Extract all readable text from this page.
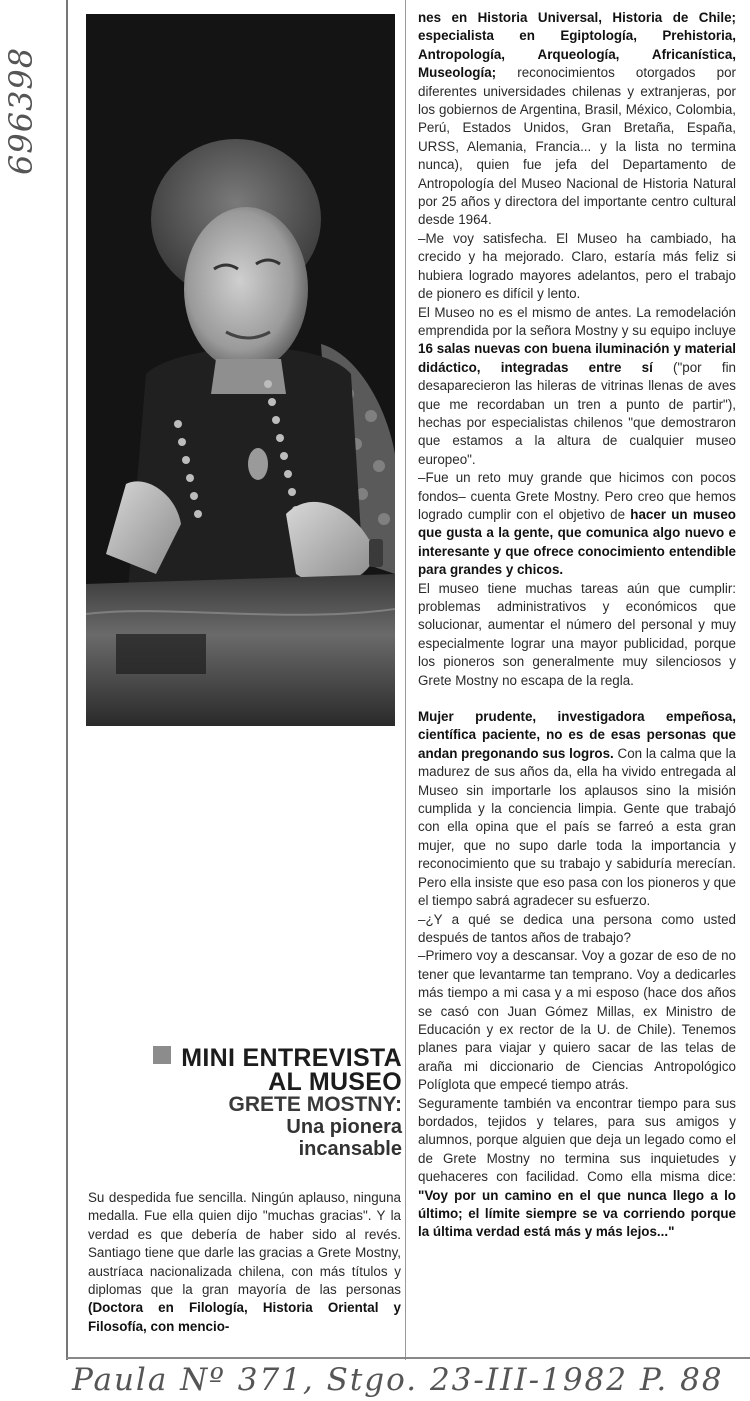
696398
MINI ENTREVISTA
AL MUSEO
GRETE MOSTNY:
Una pionera
incansable

Su despedida fue sencilla. Ningún aplauso, ninguna medalla. Fue ella quien dijo "muchas gracias". Y la verdad es que debería de haber sido al revés. Santiago tiene que darle las gracias a Grete Mostny, austríaca nacionalizada chilena, con más títulos y diplomas que la gran mayoría de las personas (Doctora en Filología, Historia Oriental y Filosofía, con mencio-

nes en Historia Universal, Historia de Chile; especialista en Egiptología, Prehistoria, Antropología, Arqueología, Africanística, Museología; reconocimientos otorgados por diferentes universidades chilenas y extranjeras, por los gobiernos de Argentina, Brasil, México, Colombia, Perú, Estados Unidos, Gran Bretaña, España, URSS, Alemania, Francia... y la lista no termina nunca), quien fue jefa del Departamento de Antropología del Museo Nacional de Historia Natural por 25 años y directora del importante centro cultural desde 1964.

–Me voy satisfecha. El Museo ha cambiado, ha crecido y ha mejorado. Claro, estaría más feliz si hubiera logrado mayores adelantos, pero el trabajo de pionero es difícil y lento.

El Museo no es el mismo de antes. La remodelación emprendida por la señora Mostny y su equipo incluye 16 salas nuevas con buena iluminación y material didáctico, integradas entre sí ("por fin desaparecieron las hileras de vitrinas llenas de aves que me recordaban un tren a punto de partir"), hechas por especialistas chilenos "que demostraron que estamos a la altura de cualquier museo europeo".

–Fue un reto muy grande que hicimos con pocos fondos– cuenta Grete Mostny. Pero creo que hemos logrado cumplir con el objetivo de hacer un museo que gusta a la gente, que comunica algo nuevo e interesante y que ofrece conocimiento entendible para grandes y chicos.

El museo tiene muchas tareas aún que cumplir: problemas administrativos y económicos que solucionar, aumentar el número del personal y muy especialmente lograr una mayor publicidad, porque los pioneros son generalmente muy silenciosos y Grete Mostny no escapa de la regla.

Mujer prudente, investigadora empeñosa, científica paciente, no es de esas personas que andan pregonando sus logros. Con la calma que la madurez de sus años da, ella ha vivido entregada al Museo sin importarle los aplausos sino la misión cumplida y la conciencia limpia. Gente que trabajó con ella opina que el país se farreó a esta gran mujer, que no supo darle toda la importancia y reconocimiento que su trabajo y sabiduría merecían. Pero ella insiste que eso pasa con los pioneros y que el tiempo sabrá agradecer su esfuerzo.

–¿Y a qué se dedica una persona como usted después de tantos años de trabajo?

–Primero voy a descansar. Voy a gozar de eso de no tener que levantarme tan temprano. Voy a dedicarles más tiempo a mi casa y a mi esposo (hace dos años se casó con Juan Gómez Millas, ex Ministro de Educación y ex rector de la U. de Chile). Tenemos planes para viajar y quiero sacar de las telas de araña mi diccionario de Ciencias Antropológico Políglota que empecé tiempo atrás.

Seguramente también va encontrar tiempo para sus bordados, tejidos y telares, para sus amigos y alumnos, porque alguien que deja un legado como el de Grete Mostny no termina sus inquietudes y quehaceres con facilidad. Como ella misma dice: "Voy por un camino en el que nunca llego a lo último; el límite siempre se va corriendo porque la última verdad está más y más lejos..."

Paula Nº 371, Stgo. 23-III-1982 P. 88
